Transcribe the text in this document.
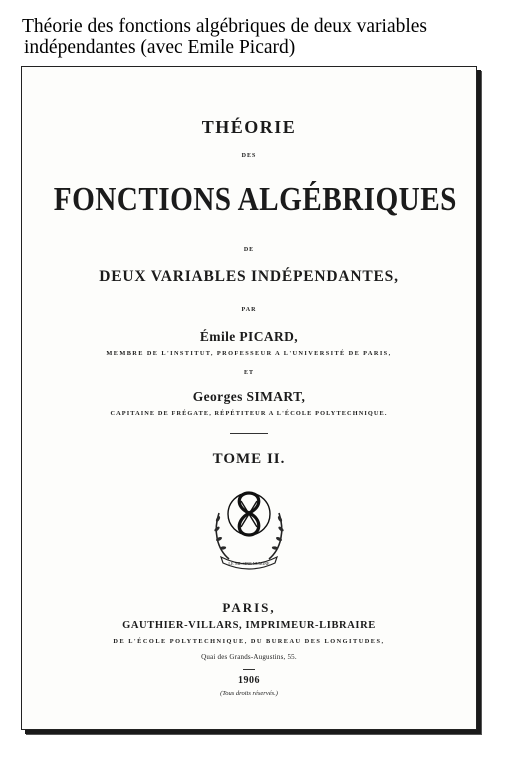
Théorie des fonctions algébriques de deux variables
indépendantes (avec Emile Picard)
THÉORIE
DES
FONCTIONS ALGÉBRIQUES
DE
DEUX VARIABLES INDÉPENDANTES,
PAR
Émile PICARD,
MEMBRE DE L'INSTITUT, PROFESSEUR A L'UNIVERSITÉ DE PARIS,
ET
Georges SIMART,
CAPITAINE DE FRÉGATE, RÉPÉTITEUR A L'ÉCOLE POLYTECHNIQUE.
TOME II.
LE NIL SINE NUMINE
PARIS,
GAUTHIER-VILLARS, IMPRIMEUR-LIBRAIRE
DE L'ÉCOLE POLYTECHNIQUE, DU BUREAU DES LONGITUDES,
Quai des Grands-Augustins, 55.
1906
(Tous droits réservés.)
